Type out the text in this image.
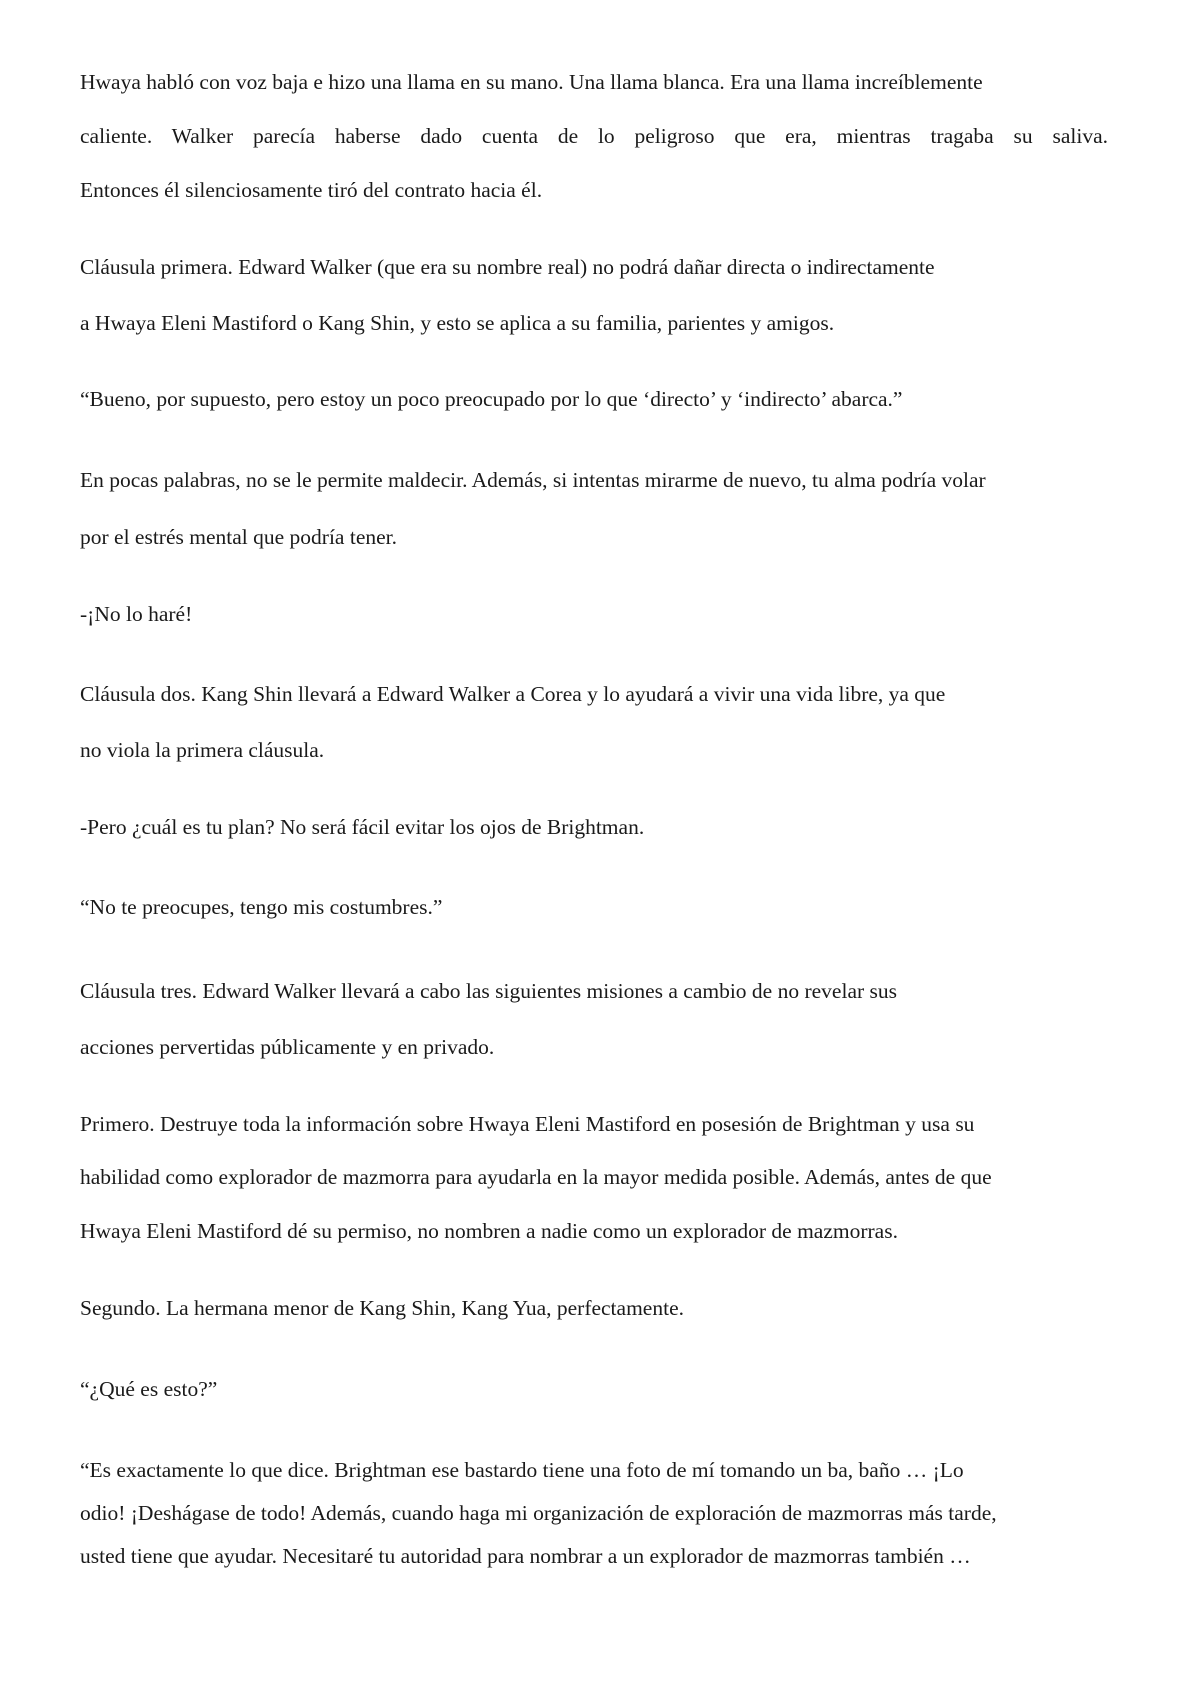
Hwaya habló con voz baja e hizo una llama en su mano. Una llama blanca. Era una llama increíblemente
caliente. Walker parecía haberse dado cuenta de lo peligroso que era, mientras tragaba su saliva.
Entonces él silenciosamente tiró del contrato hacia él.
Cláusula primera. Edward Walker (que era su nombre real) no podrá dañar directa o indirectamente
a Hwaya Eleni Mastiford o Kang Shin, y esto se aplica a su familia, parientes y amigos.
“Bueno, por supuesto, pero estoy un poco preocupado por lo que ‘directo’ y ‘indirecto’ abarca.”
En pocas palabras, no se le permite maldecir. Además, si intentas mirarme de nuevo, tu alma podría volar
por el estrés mental que podría tener.
-¡No lo haré!
Cláusula dos. Kang Shin llevará a Edward Walker a Corea y lo ayudará a vivir una vida libre, ya que
no viola la primera cláusula.
-Pero ¿cuál es tu plan? No será fácil evitar los ojos de Brightman.
“No te preocupes, tengo mis costumbres.”
Cláusula tres. Edward Walker llevará a cabo las siguientes misiones a cambio de no revelar sus
acciones pervertidas públicamente y en privado.
Primero. Destruye toda la información sobre Hwaya Eleni Mastiford en posesión de Brightman y usa su
habilidad como explorador de mazmorra para ayudarla en la mayor medida posible. Además, antes de que
Hwaya Eleni Mastiford dé su permiso, no nombren a nadie como un explorador de mazmorras.
Segundo. La hermana menor de Kang Shin, Kang Yua, perfectamente.
“¿Qué es esto?”
“Es exactamente lo que dice. Brightman ese bastardo tiene una foto de mí tomando un ba, baño … ¡Lo
odio! ¡Deshágase de todo! Además, cuando haga mi organización de exploración de mazmorras más tarde,
usted tiene que ayudar. Necesitaré tu autoridad para nombrar a un explorador de mazmorras también …
